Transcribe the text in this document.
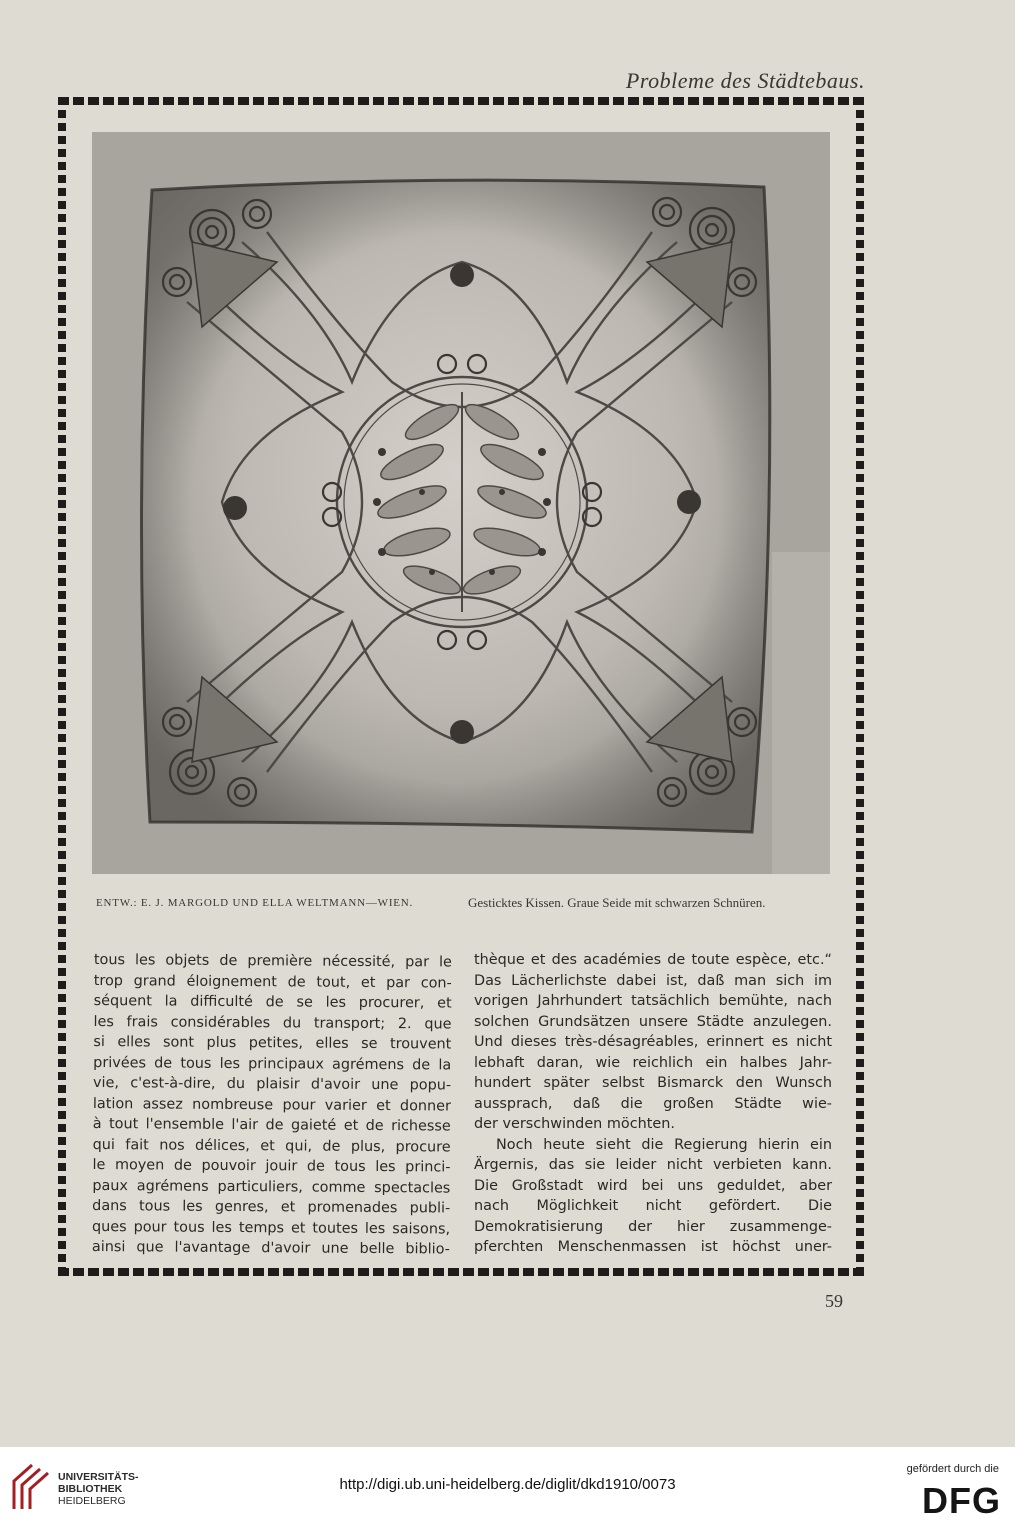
Probleme des Städtebaus.
ENTW.: E. J. MARGOLD UND ELLA WELTMANN—WIEN.	Gesticktes Kissen. Graue Seide mit schwarzen Schnüren.
tous les objets de première nécessité, par le
trop grand éloignement de tout, et par con-
séquent la difficulté de se les procurer, et
les frais considérables du transport; 2. que
si elles sont plus petites, elles se trouvent
privées de tous les principaux agrémens de la
vie, c'est-à-dire, du plaisir d'avoir une popu-
lation assez nombreuse pour varier et donner
à tout l'ensemble l'air de gaieté et de richesse
qui fait nos délices, et qui, de plus, procure
le moyen de pouvoir jouir de tous les princi-
paux agrémens particuliers, comme spectacles
dans tous les genres, et promenades publi-
ques pour tous les temps et toutes les saisons,
ainsi que l'avantage d'avoir une belle biblio-
thèque et des académies de toute espèce, etc.“
Das Lächerlichste dabei ist, daß man sich im
vorigen Jahrhundert tatsächlich bemühte, nach
solchen Grundsätzen unsere Städte anzulegen.
Und dieses très-désagréables, erinnert es nicht
lebhaft daran, wie reichlich ein halbes Jahr-
hundert später selbst Bismarck den Wunsch
aussprach, daß die großen Städte wie-
der verschwinden möchten.
Noch heute sieht die Regierung hierin ein
Ärgernis, das sie leider nicht verbieten kann.
Die Großstadt wird bei uns geduldet, aber
nach Möglichkeit nicht gefördert. Die
Demokratisierung der hier zusammenge-
pferchten Menschenmassen ist höchst uner-
59
UNIVERSITÄTS-
BIBLIOTHEK
HEIDELBERG
http://digi.ub.uni-heidelberg.de/diglit/dkd1910/0073
gefördert durch die
DFG
